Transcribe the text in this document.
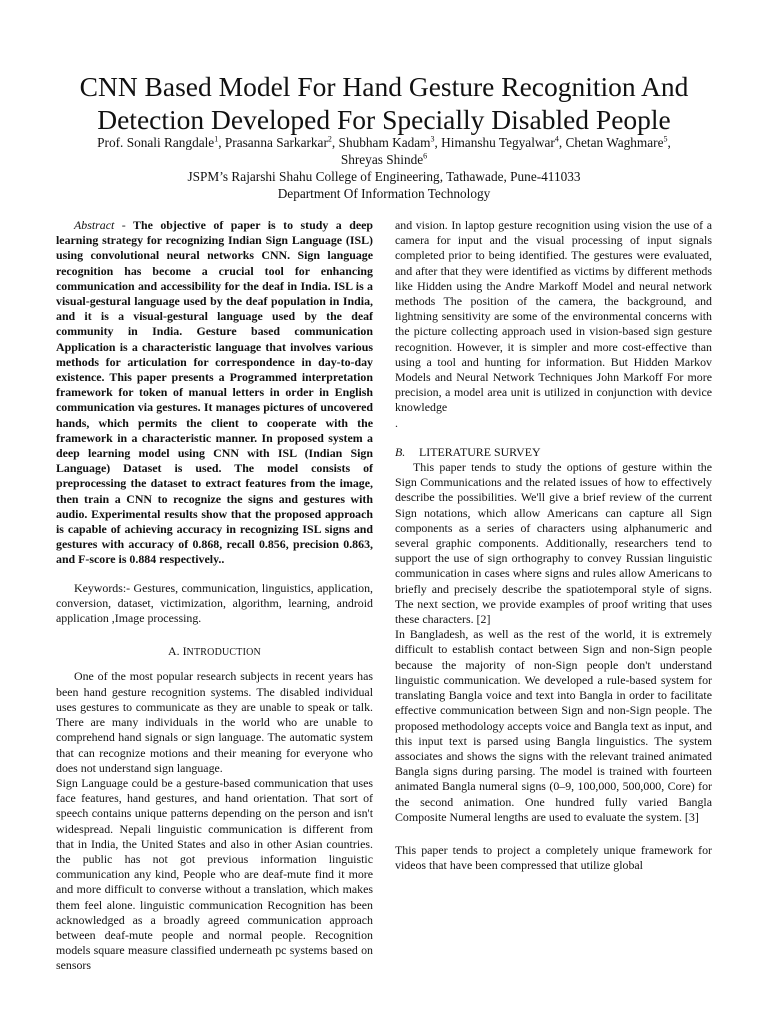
CNN Based Model For Hand Gesture Recognition And Detection Developed For Specially Disabled People
Prof. Sonali Rangdale$^1$, Prasanna Sarkarkar$^2$, Shubham Kadam$^3$, Himanshu Tegyalwar$^4$, Chetan Waghmare$^5$,
Shreyas Shinde$^6$
JSPM’s Rajarshi Shahu College of Engineering, Tathawade, Pune-411033
Department Of Information Technology

Abstract - The objective of paper is to study a deep learning strategy for recognizing Indian Sign Language (ISL) using convolutional neural networks CNN. Sign language recognition has become a crucial tool for enhancing communication and accessibility for the deaf in India. ISL is a visual-gestural language used by the deaf population in India, and it is a visual-gestural language used by the deaf community in India. Gesture based communication Application is a characteristic language that involves various methods for articulation for correspondence in day-to-day existence. This paper presents a Programmed interpretation framework for token of manual letters in order in English communication via gestures. It manages pictures of uncovered hands, which permits the client to cooperate with the framework in a characteristic manner. In proposed system a deep learning model using CNN with ISL (Indian Sign Language) Dataset is used. The model consists of preprocessing the dataset to extract features from the image, then train a CNN to recognize the signs and gestures with audio. Experimental results show that the proposed approach is capable of achieving accuracy in recognizing ISL signs and gestures with accuracy of 0.868, recall 0.856, precision 0.863, and F-score is 0.884 respectively..

Keywords:- Gestures, communication, linguistics, application, conversion, dataset, victimization, algorithm, learning, android application ,Image processing.

A. INTRODUCTION

One of the most popular research subjects in recent years has been hand gesture recognition systems. The disabled individual uses gestures to communicate as they are unable to speak or talk. There are many individuals in the world who are unable to comprehend hand signals or sign language. The automatic system that can recognize motions and their meaning for everyone who does not understand sign language.

Sign Language could be a gesture-based communication that uses face features, hand gestures, and hand orientation. That sort of speech contains unique patterns depending on the person and isn't widespread. Nepali linguistic communication is different from that in India, the United States and also in other Asian countries. the public has not got previous information linguistic communication any kind, People who are deaf-mute find it more and more difficult to converse without a translation, which makes them feel alone. linguistic communication Recognition has been acknowledged as a broadly agreed communication approach between deaf-mute people and normal people. Recognition models square measure classified underneath pc systems based on sensors

and vision. In laptop gesture recognition using vision the use of a camera for input and the visual processing of input signals completed prior to being identified. The gestures were evaluated, and after that they were identified as victims by different methods like Hidden using the Andre Markoff Model and neural network methods The position of the camera, the background, and lightning sensitivity are some of the environmental concerns with the picture collecting approach used in vision-based sign gesture recognition. However, it is simpler and more cost-effective than using a tool and hunting for information. But Hidden Markov Models and Neural Network Techniques John Markoff For more precision, a model area unit is utilized in conjunction with device knowledge

.

B. LITERATURE SURVEY

This paper tends to study the options of gesture within the Sign Communications and the related issues of how to effectively describe the possibilities. We'll give a brief review of the current Sign notations, which allow Americans can capture all Sign components as a series of characters using alphanumeric and several graphic components. Additionally, researchers tend to support the use of sign orthography to convey Russian linguistic communication in cases where signs and rules allow Americans to briefly and precisely describe the spatiotemporal style of signs. The next section, we provide examples of proof writing that uses these characters. [2]

In Bangladesh, as well as the rest of the world, it is extremely difficult to establish contact between Sign and non-Sign people because the majority of non-Sign people don't understand linguistic communication. We developed a rule-based system for translating Bangla voice and text into Bangla in order to facilitate effective communication between Sign and non-Sign people. The proposed methodology accepts voice and Bangla text as input, and this input text is parsed using Bangla linguistics. The system associates and shows the signs with the relevant trained animated Bangla signs during parsing. The model is trained with fourteen animated Bangla numeral signs (0–9, 100,000, 500,000, Core) for the second animation. One hundred fully varied Bangla Composite Numeral lengths are used to evaluate the system. [3]

This paper tends to project a completely unique framework for videos that have been compressed that utilize global
